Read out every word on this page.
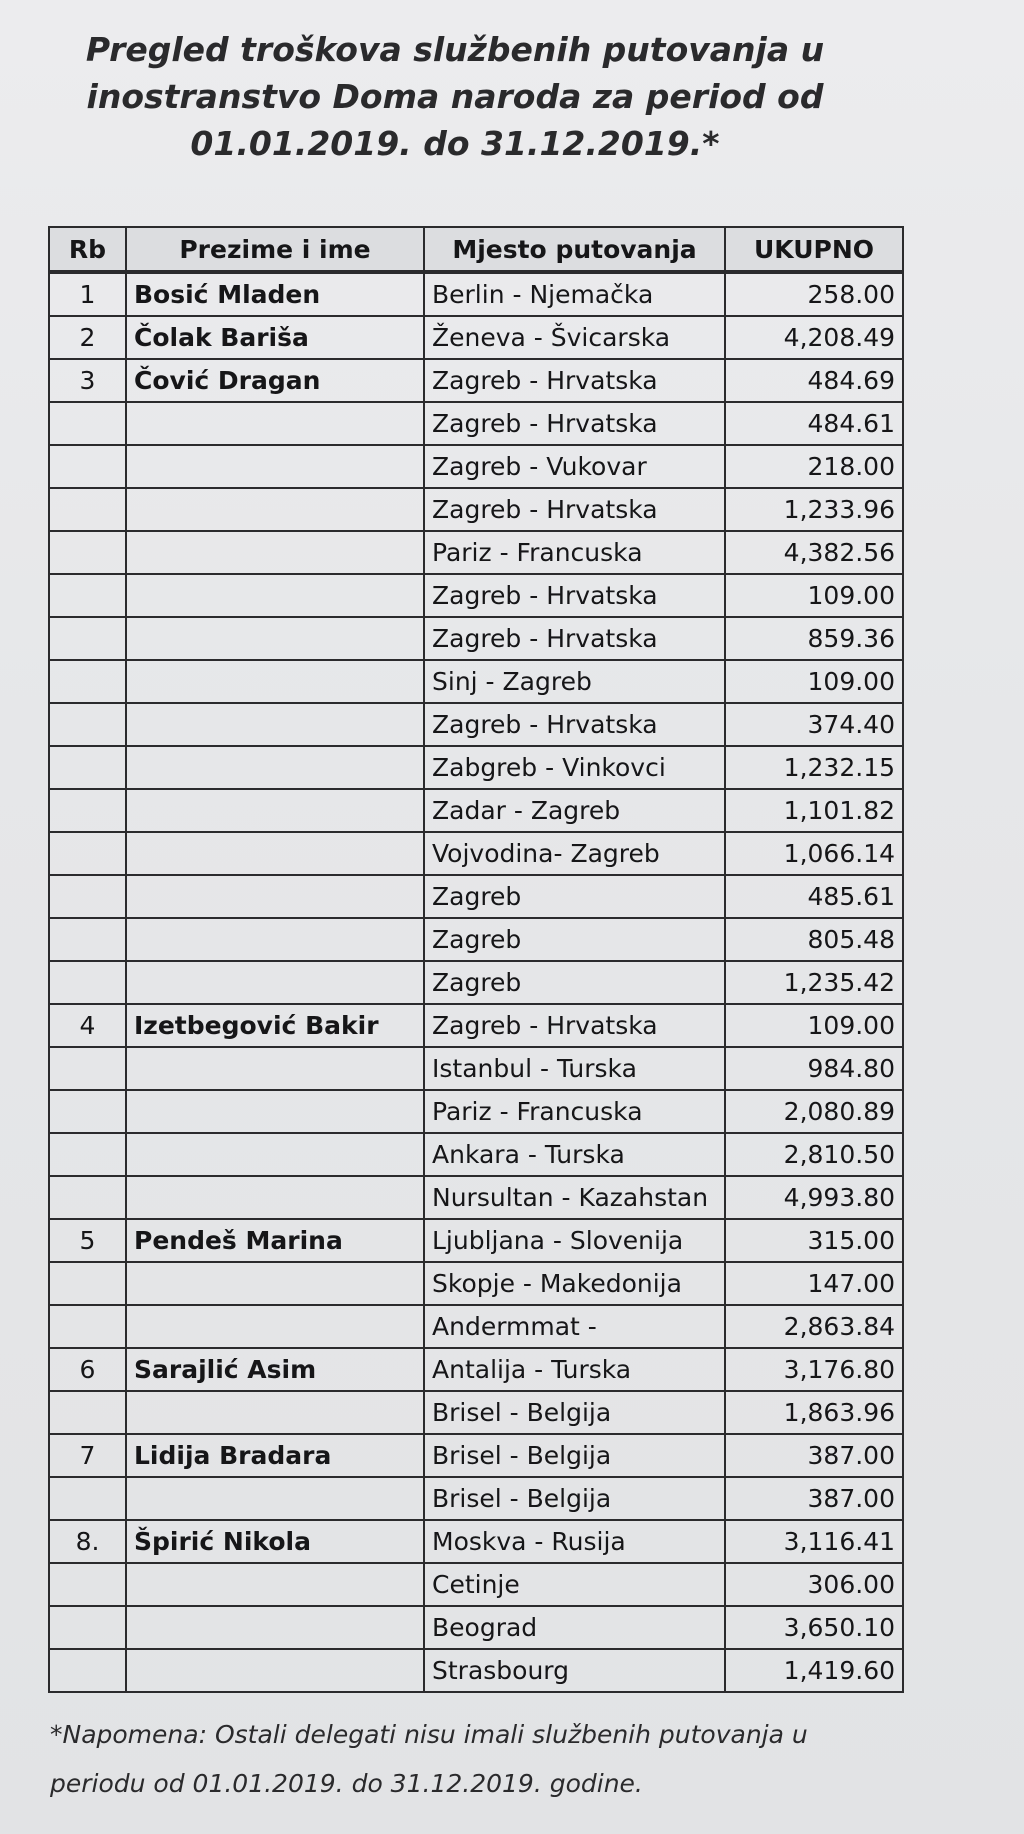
Pregled troškova službenih putovanja u
inostranstvo Doma naroda za period od
01.01.2019. do 31.12.2019.*
Rb	Prezime i ime	Mjesto putovanja	UKUPNO
1	Bosić Mladen	Berlin - Njemačka	258.00
2	Čolak Bariša	Ženeva - Švicarska	4,208.49
3	Čović Dragan	Zagreb - Hrvatska	484.69
		Zagreb - Hrvatska	484.61
		Zagreb - Vukovar	218.00
		Zagreb - Hrvatska	1,233.96
		Pariz - Francuska	4,382.56
		Zagreb - Hrvatska	109.00
		Zagreb - Hrvatska	859.36
		Sinj - Zagreb	109.00
		Zagreb - Hrvatska	374.40
		Zabgreb - Vinkovci	1,232.15
		Zadar - Zagreb	1,101.82
		Vojvodina- Zagreb	1,066.14
		Zagreb	485.61
		Zagreb	805.48
		Zagreb	1,235.42
4	Izetbegović Bakir	Zagreb - Hrvatska	109.00
		Istanbul - Turska	984.80
		Pariz - Francuska	2,080.89
		Ankara - Turska	2,810.50
		Nursultan - Kazahstan	4,993.80
5	Pendeš Marina	Ljubljana - Slovenija	315.00
		Skopje - Makedonija	147.00
		Andermmat -	2,863.84
6	Sarajlić Asim	Antalija - Turska	3,176.80
		Brisel - Belgija	1,863.96
7	Lidija Bradara	Brisel - Belgija	387.00
		Brisel - Belgija	387.00
8.	Špirić Nikola	Moskva - Rusija	3,116.41
		Cetinje	306.00
		Beograd	3,650.10
		Strasbourg	1,419.60
*Napomena: Ostali delegati nisu imali službenih putovanja u
periodu od 01.01.2019. do 31.12.2019. godine.
